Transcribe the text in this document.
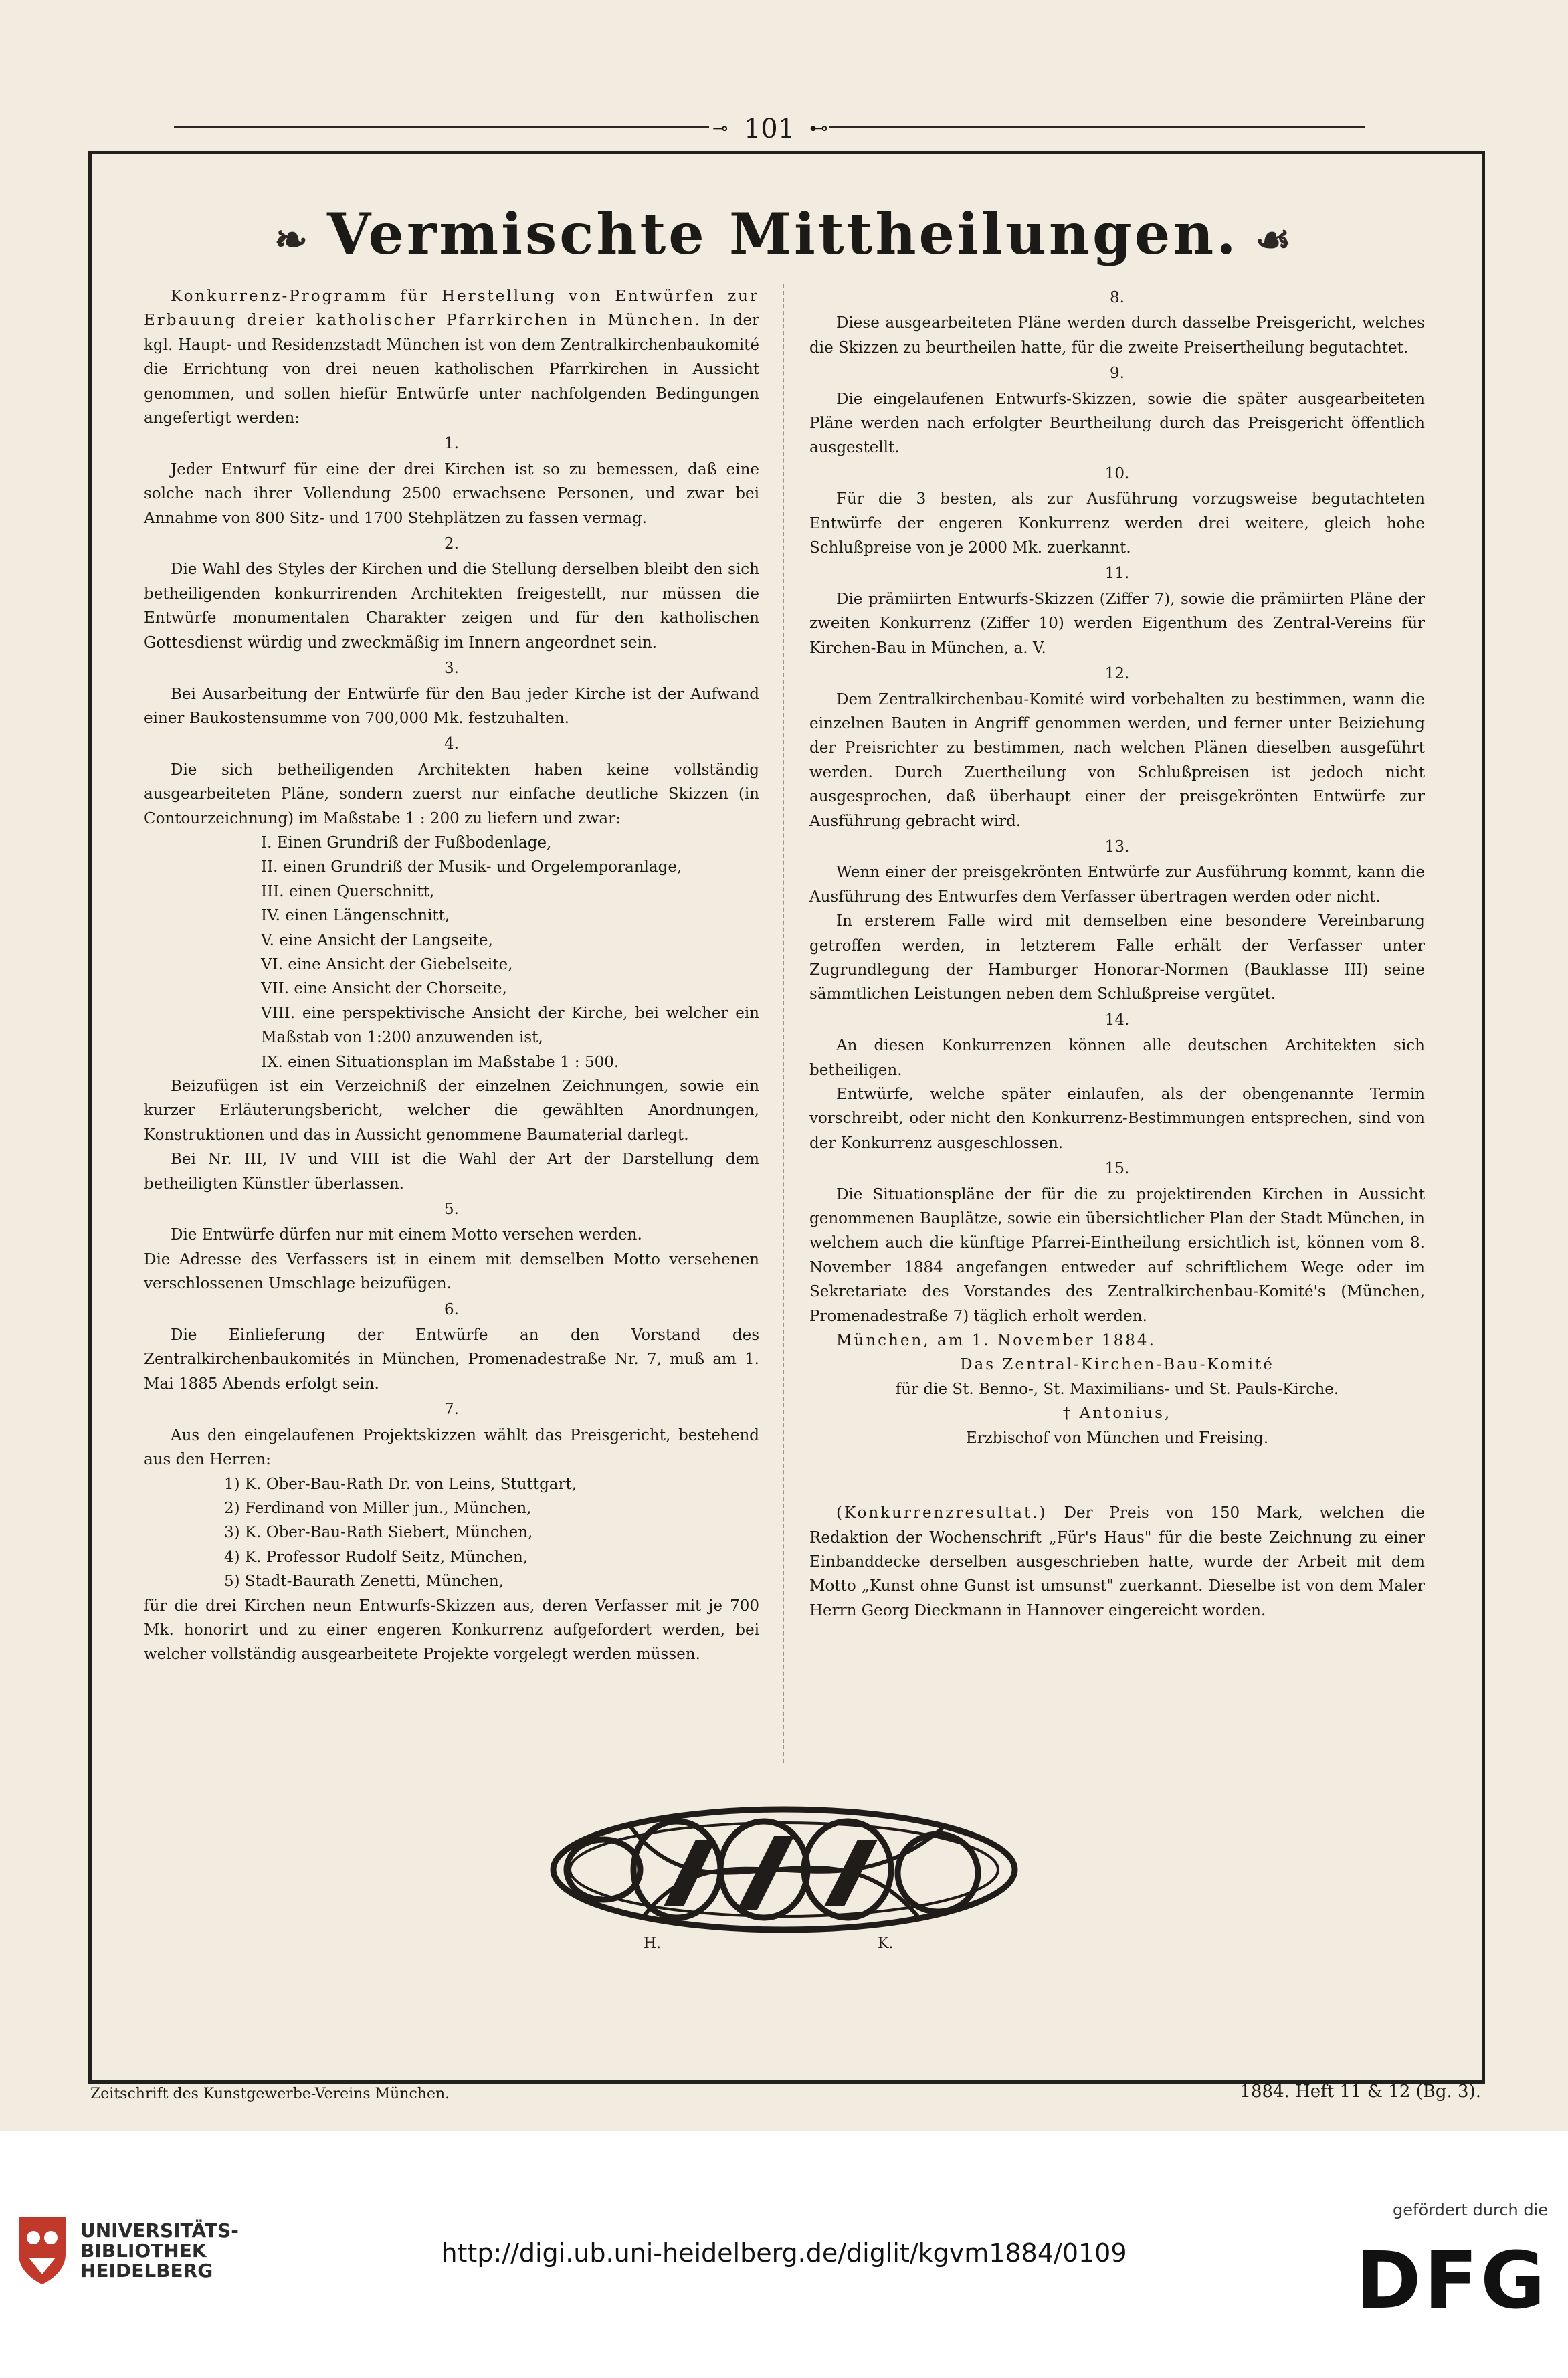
⊸ 101 ⊷
❧ Vermischte Mittheilungen. ☙

Konkurrenz-Programm für Herstellung von Entwürfen zur Erbauung dreier katholischer Pfarrkirchen in München. In der kgl. Haupt- und Residenzstadt München ist von dem Zentralkirchenbaukomité die Errichtung von drei neuen katholischen Pfarrkirchen in Aussicht genommen, und sollen hiefür Entwürfe unter nachfolgenden Bedingungen angefertigt werden:

1.

Jeder Entwurf für eine der drei Kirchen ist so zu bemessen, daß eine solche nach ihrer Vollendung 2500 erwachsene Personen, und zwar bei Annahme von 800 Sitz- und 1700 Stehplätzen zu fassen vermag.

2.

Die Wahl des Styles der Kirchen und die Stellung derselben bleibt den sich betheiligenden konkurrirenden Architekten freigestellt, nur müssen die Entwürfe monumentalen Charakter zeigen und für den katholischen Gottesdienst würdig und zweckmäßig im Innern angeordnet sein.

3.

Bei Ausarbeitung der Entwürfe für den Bau jeder Kirche ist der Aufwand einer Baukostensumme von 700,000 Mk. festzuhalten.

4.

Die sich betheiligenden Architekten haben keine vollständig ausgearbeiteten Pläne, sondern zuerst nur einfache deutliche Skizzen (in Contourzeichnung) im Maßstabe 1 : 200 zu liefern und zwar:

I. Einen Grundriß der Fußbodenlage,
II. einen Grundriß der Musik- und Orgelemporanlage,
III. einen Querschnitt,
IV. einen Längenschnitt,
V. eine Ansicht der Langseite,
VI. eine Ansicht der Giebelseite,
VII. eine Ansicht der Chorseite,
VIII. eine perspektivische Ansicht der Kirche, bei welcher ein Maßstab von 1:200 anzuwenden ist,
IX. einen Situationsplan im Maßstabe 1 : 500.

Beizufügen ist ein Verzeichniß der einzelnen Zeichnungen, sowie ein kurzer Erläuterungsbericht, welcher die gewählten Anordnungen, Konstruktionen und das in Aussicht genommene Baumaterial darlegt.

Bei Nr. III, IV und VIII ist die Wahl der Art der Darstellung dem betheiligten Künstler überlassen.

5.

Die Entwürfe dürfen nur mit einem Motto versehen werden.

Die Adresse des Verfassers ist in einem mit demselben Motto versehenen verschlossenen Umschlage beizufügen.

6.

Die Einlieferung der Entwürfe an den Vorstand des Zentralkirchenbaukomités in München, Promenadestraße Nr. 7, muß am 1. Mai 1885 Abends erfolgt sein.

7.

Aus den eingelaufenen Projektskizzen wählt das Preisgericht, bestehend aus den Herren:

1) K. Ober-Bau-Rath Dr. von Leins, Stuttgart,
2) Ferdinand von Miller jun., München,
3) K. Ober-Bau-Rath Siebert, München,
4) K. Professor Rudolf Seitz, München,
5) Stadt-Baurath Zenetti, München,

für die drei Kirchen neun Entwurfs-Skizzen aus, deren Verfasser mit je 700 Mk. honorirt und zu einer engeren Konkurrenz aufgefordert werden, bei welcher vollständig ausgearbeitete Projekte vorgelegt werden müssen.

8.

Diese ausgearbeiteten Pläne werden durch dasselbe Preisgericht, welches die Skizzen zu beurtheilen hatte, für die zweite Preisertheilung begutachtet.

9.

Die eingelaufenen Entwurfs-Skizzen, sowie die später ausgearbeiteten Pläne werden nach erfolgter Beurtheilung durch das Preisgericht öffentlich ausgestellt.

10.

Für die 3 besten, als zur Ausführung vorzugsweise begutachteten Entwürfe der engeren Konkurrenz werden drei weitere, gleich hohe Schlußpreise von je 2000 Mk. zuerkannt.

11.

Die prämiirten Entwurfs-Skizzen (Ziffer 7), sowie die prämiirten Pläne der zweiten Konkurrenz (Ziffer 10) werden Eigenthum des Zentral-Vereins für Kirchen-Bau in München, a. V.

12.

Dem Zentralkirchenbau-Komité wird vorbehalten zu bestimmen, wann die einzelnen Bauten in Angriff genommen werden, und ferner unter Beiziehung der Preisrichter zu bestimmen, nach welchen Plänen dieselben ausgeführt werden. Durch Zuertheilung von Schlußpreisen ist jedoch nicht ausgesprochen, daß überhaupt einer der preisgekrönten Entwürfe zur Ausführung gebracht wird.

13.

Wenn einer der preisgekrönten Entwürfe zur Ausführung kommt, kann die Ausführung des Entwurfes dem Verfasser übertragen werden oder nicht.

In ersterem Falle wird mit demselben eine besondere Vereinbarung getroffen werden, in letzterem Falle erhält der Verfasser unter Zugrundlegung der Hamburger Honorar-Normen (Bauklasse III) seine sämmtlichen Leistungen neben dem Schlußpreise vergütet.

14.

An diesen Konkurrenzen können alle deutschen Architekten sich betheiligen.

Entwürfe, welche später einlaufen, als der obengenannte Termin vorschreibt, oder nicht den Konkurrenz-Bestimmungen entsprechen, sind von der Konkurrenz ausgeschlossen.

15.

Die Situationspläne der für die zu projektirenden Kirchen in Aussicht genommenen Bauplätze, sowie ein übersichtlicher Plan der Stadt München, in welchem auch die künftige Pfarrei-Eintheilung ersichtlich ist, können vom 8. November 1884 angefangen entweder auf schriftlichem Wege oder im Sekretariate des Vorstandes des Zentralkirchenbau-Komité's (München, Promenadestraße 7) täglich erholt werden.

München, am 1. November 1884.

Das Zentral-Kirchen-Bau-Komité

für die St. Benno-, St. Maximilians- und St. Pauls-Kirche.

† Antonius,

Erzbischof von München und Freising.

(Konkurrenzresultat.) Der Preis von 150 Mark, welchen die Redaktion der Wochenschrift „Für's Haus" für die beste Zeichnung zu einer Einbanddecke derselben ausgeschrieben hatte, wurde der Arbeit mit dem Motto „Kunst ohne Gunst ist umsunst" zuerkannt. Dieselbe ist von dem Maler Herrn Georg Dieckmann in Hannover eingereicht worden.

H.	K.
Zeitschrift des Kunstgewerbe-Vereins München.	1884. Heft 11 & 12 (Bg. 3).
UNIVERSITÄTS-
BIBLIOTHEK
HEIDELBERG
http://digi.ub.uni-heidelberg.de/diglit/kgvm1884/0109
gefördert durch die
DFG
